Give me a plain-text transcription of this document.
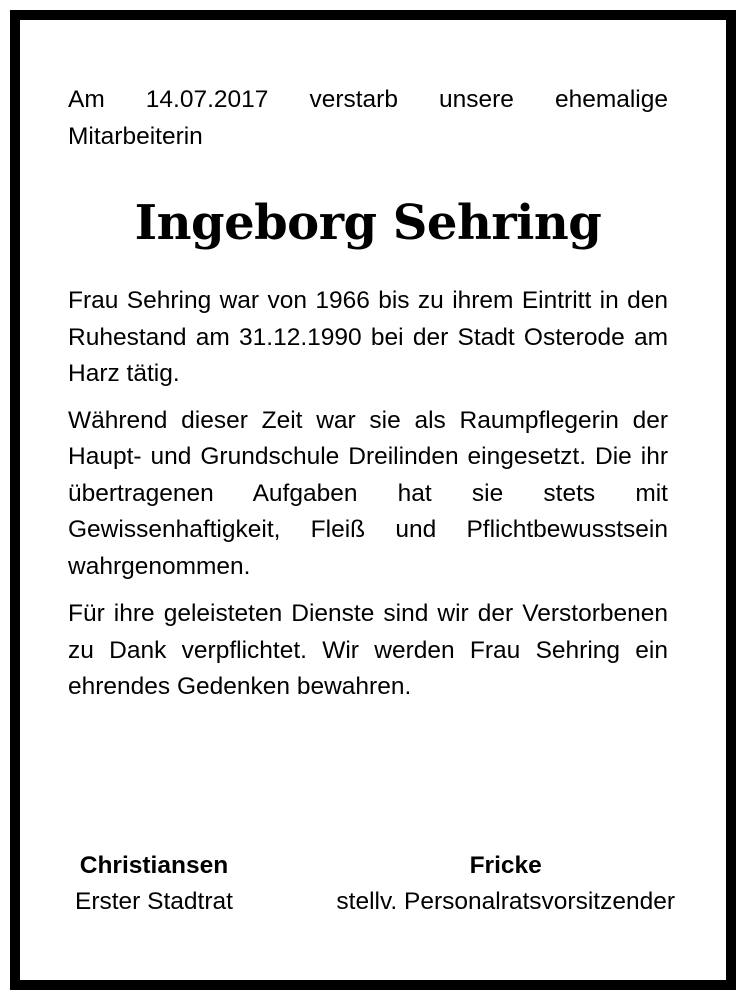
Am 14.07.2017 verstarb unsere ehemalige
Mitarbeiterin
Ingeborg Sehring

Frau Sehring war von 1966 bis zu ihrem Eintritt in den Ruhestand am 31.12.1990 bei der Stadt Osterode am Harz tätig.

Während dieser Zeit war sie als Raumpflegerin der Haupt- und Grundschule Dreilinden eingesetzt. Die ihr übertragenen Aufgaben hat sie stets mit Gewissenhaftigkeit, Fleiß und Pflichtbewusstsein wahrgenommen.

Für ihre geleisteten Dienste sind wir der Verstorbenen zu Dank verpflichtet. Wir werden Frau Sehring ein ehrendes Gedenken bewahren.

Christiansen
Erster Stadtrat
Fricke
stellv. Personalratsvorsitzender
